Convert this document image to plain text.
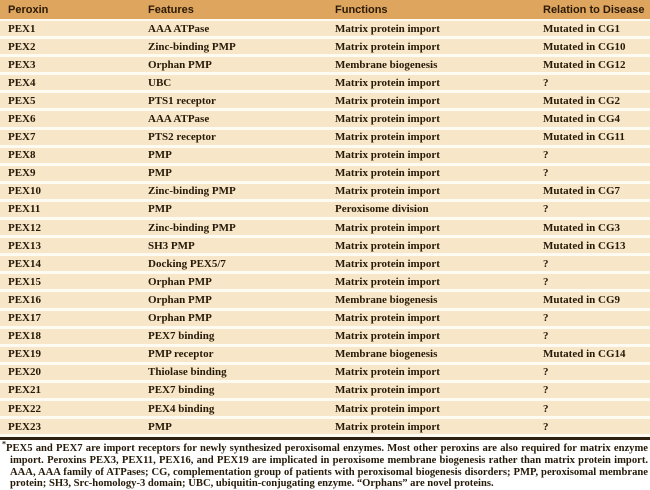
Peroxin	Features	Functions	Relation to Disease
PEX1	AAA ATPase	Matrix protein import	Mutated in CG1
PEX2	Zinc-binding PMP	Matrix protein import	Mutated in CG10
PEX3	Orphan PMP	Membrane biogenesis	Mutated in CG12
PEX4	UBC	Matrix protein import	?
PEX5	PTS1 receptor	Matrix protein import	Mutated in CG2
PEX6	AAA ATPase	Matrix protein import	Mutated in CG4
PEX7	PTS2 receptor	Matrix protein import	Mutated in CG11
PEX8	PMP	Matrix protein import	?
PEX9	PMP	Matrix protein import	?
PEX10	Zinc-binding PMP	Matrix protein import	Mutated in CG7
PEX11	PMP	Peroxisome division	?
PEX12	Zinc-binding PMP	Matrix protein import	Mutated in CG3
PEX13	SH3 PMP	Matrix protein import	Mutated in CG13
PEX14	Docking PEX5/7	Matrix protein import	?
PEX15	Orphan PMP	Matrix protein import	?
PEX16	Orphan PMP	Membrane biogenesis	Mutated in CG9
PEX17	Orphan PMP	Matrix protein import	?
PEX18	PEX7 binding	Matrix protein import	?
PEX19	PMP receptor	Membrane biogenesis	Mutated in CG14
PEX20	Thiolase binding	Matrix protein import	?
PEX21	PEX7 binding	Matrix protein import	?
PEX22	PEX4 binding	Matrix protein import	?
PEX23	PMP	Matrix protein import	?
*PEX5 and PEX7 are import receptors for newly synthesized peroxisomal enzymes. Most other peroxins are also required for matrix enzyme import. Peroxins PEX3, PEX11, PEX16, and PEX19 are implicated in peroxisome membrane biogenesis rather than matrix protein import. AAA, AAA family of ATPases; CG, complementation group of patients with peroxisomal biogenesis disorders; PMP, peroxisomal membrane protein; SH3, Src-homology-3 domain; UBC, ubiquitin-conjugating enzyme. “Orphans” are novel proteins.
